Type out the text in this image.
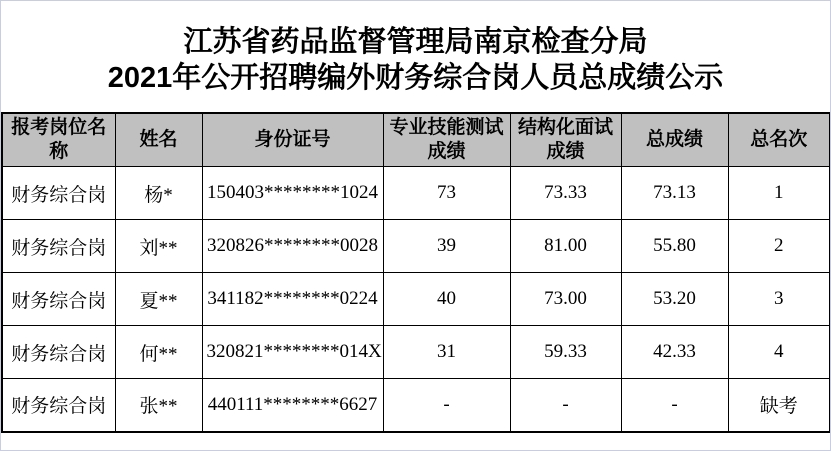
江苏省药品监督管理局南京检查分局
2021年公开招聘编外财务综合岗人员总成绩公示
报考岗位名称	姓名	身份证号	专业技能测试成绩	结构化面试成绩	总成绩	总名次
财务综合岗	杨*	150403********1024	73	73.33	73.13	1
财务综合岗	刘**	320826********0028	39	81.00	55.80	2
财务综合岗	夏**	341182********0224	40	73.00	53.20	3
财务综合岗	何**	320821********014X	31	59.33	42.33	4
财务综合岗	张**	440111********6627	-	-	-	缺考
